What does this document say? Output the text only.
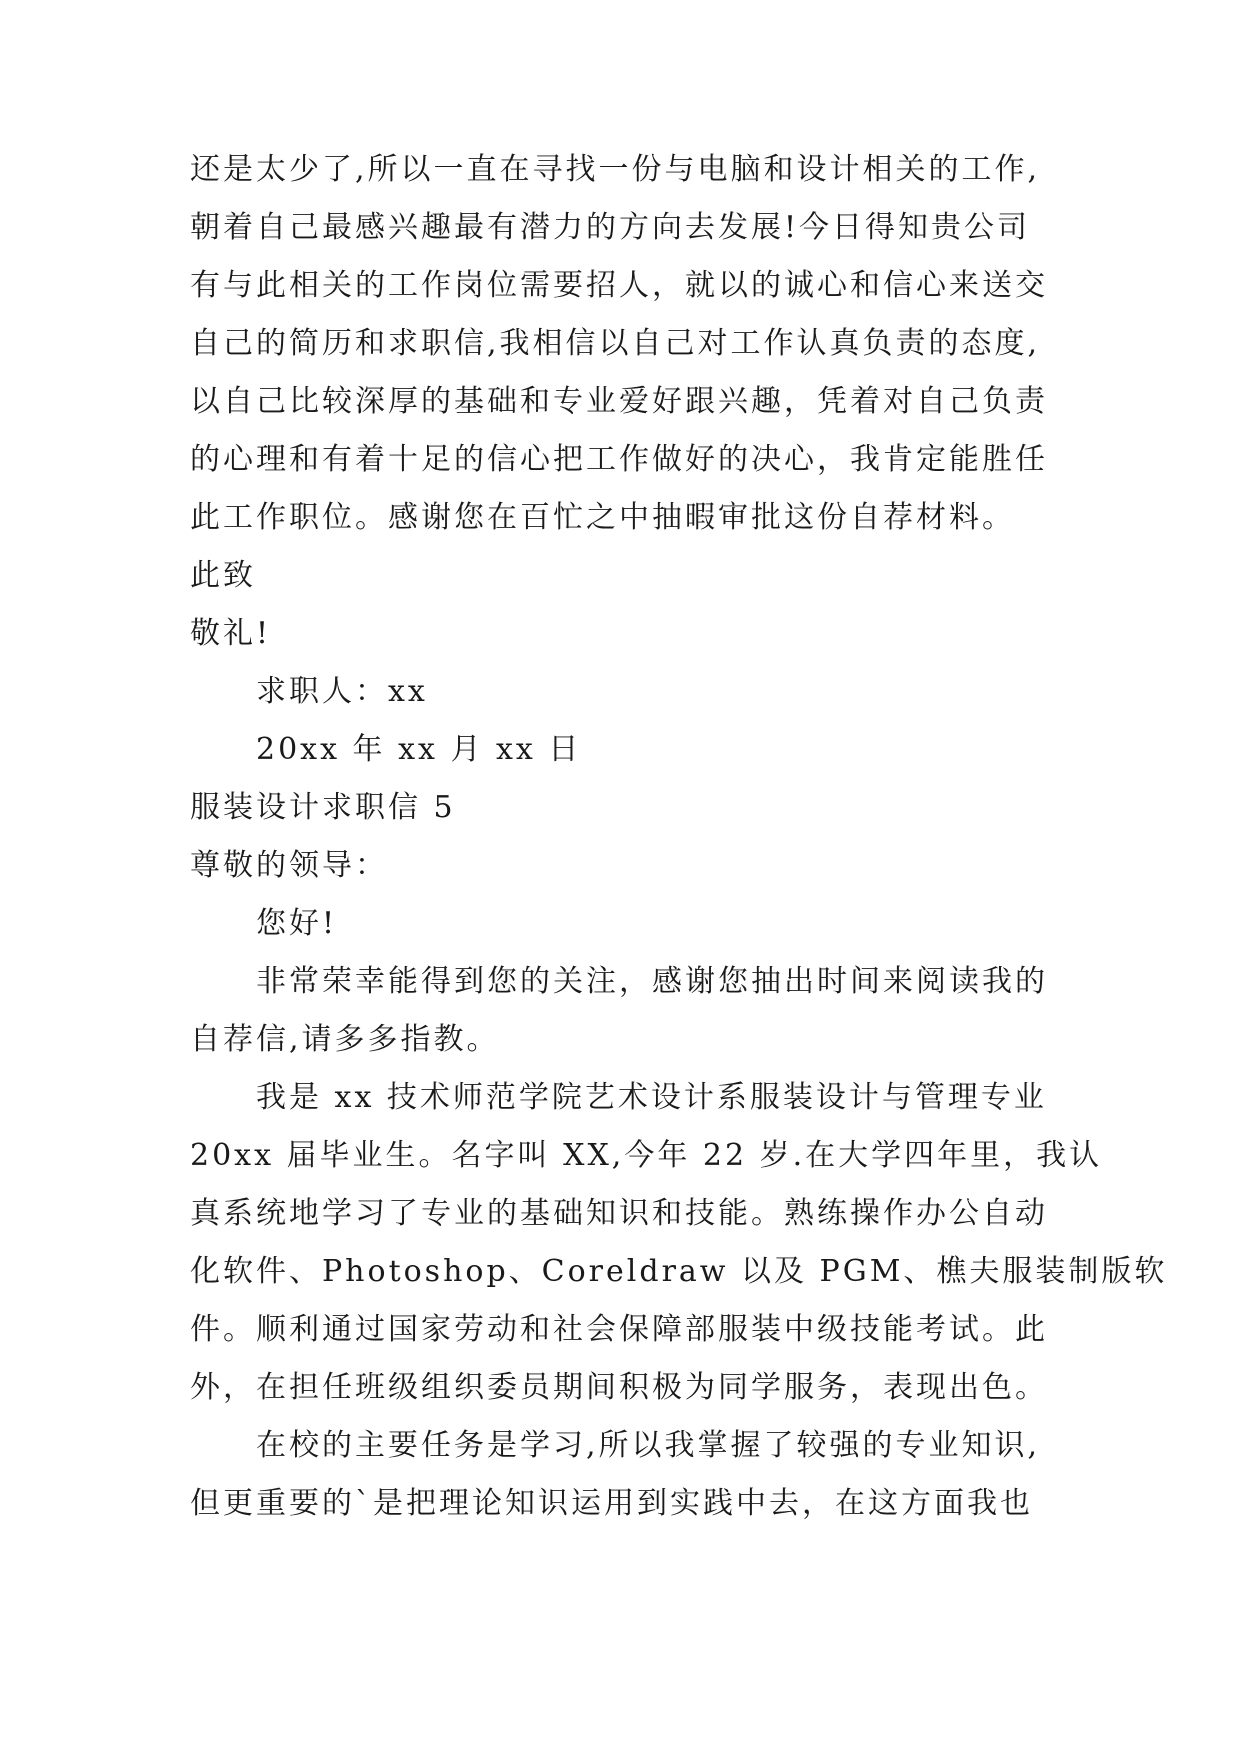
还是太少了,所以一直在寻找一份与电脑和设计相关的工作,
朝着自己最感兴趣最有潜力的方向去发展!今日得知贵公司
有与此相关的工作岗位需要招人，就以的诚心和信心来送交
自己的简历和求职信,我相信以自己对工作认真负责的态度,
以自己比较深厚的基础和专业爱好跟兴趣，凭着对自己负责
的心理和有着十足的信心把工作做好的决心，我肯定能胜任
此工作职位。感谢您在百忙之中抽暇审批这份自荐材料。
此致
敬礼!
求职人：xx
20xx 年 xx 月 xx 日
服装设计求职信 5
尊敬的领导：
您好!
非常荣幸能得到您的关注，感谢您抽出时间来阅读我的
自荐信,请多多指教。
我是 xx 技术师范学院艺术设计系服装设计与管理专业
20xx 届毕业生。名字叫 XX,今年 22 岁.在大学四年里，我认
真系统地学习了专业的基础知识和技能。熟练操作办公自动
化软件、Photoshop、Coreldraw 以及 PGM、樵夫服装制版软
件。顺利通过国家劳动和社会保障部服装中级技能考试。此
外，在担任班级组织委员期间积极为同学服务，表现出色。
在校的主要任务是学习,所以我掌握了较强的专业知识,
但更重要的`是把理论知识运用到实践中去，在这方面我也
